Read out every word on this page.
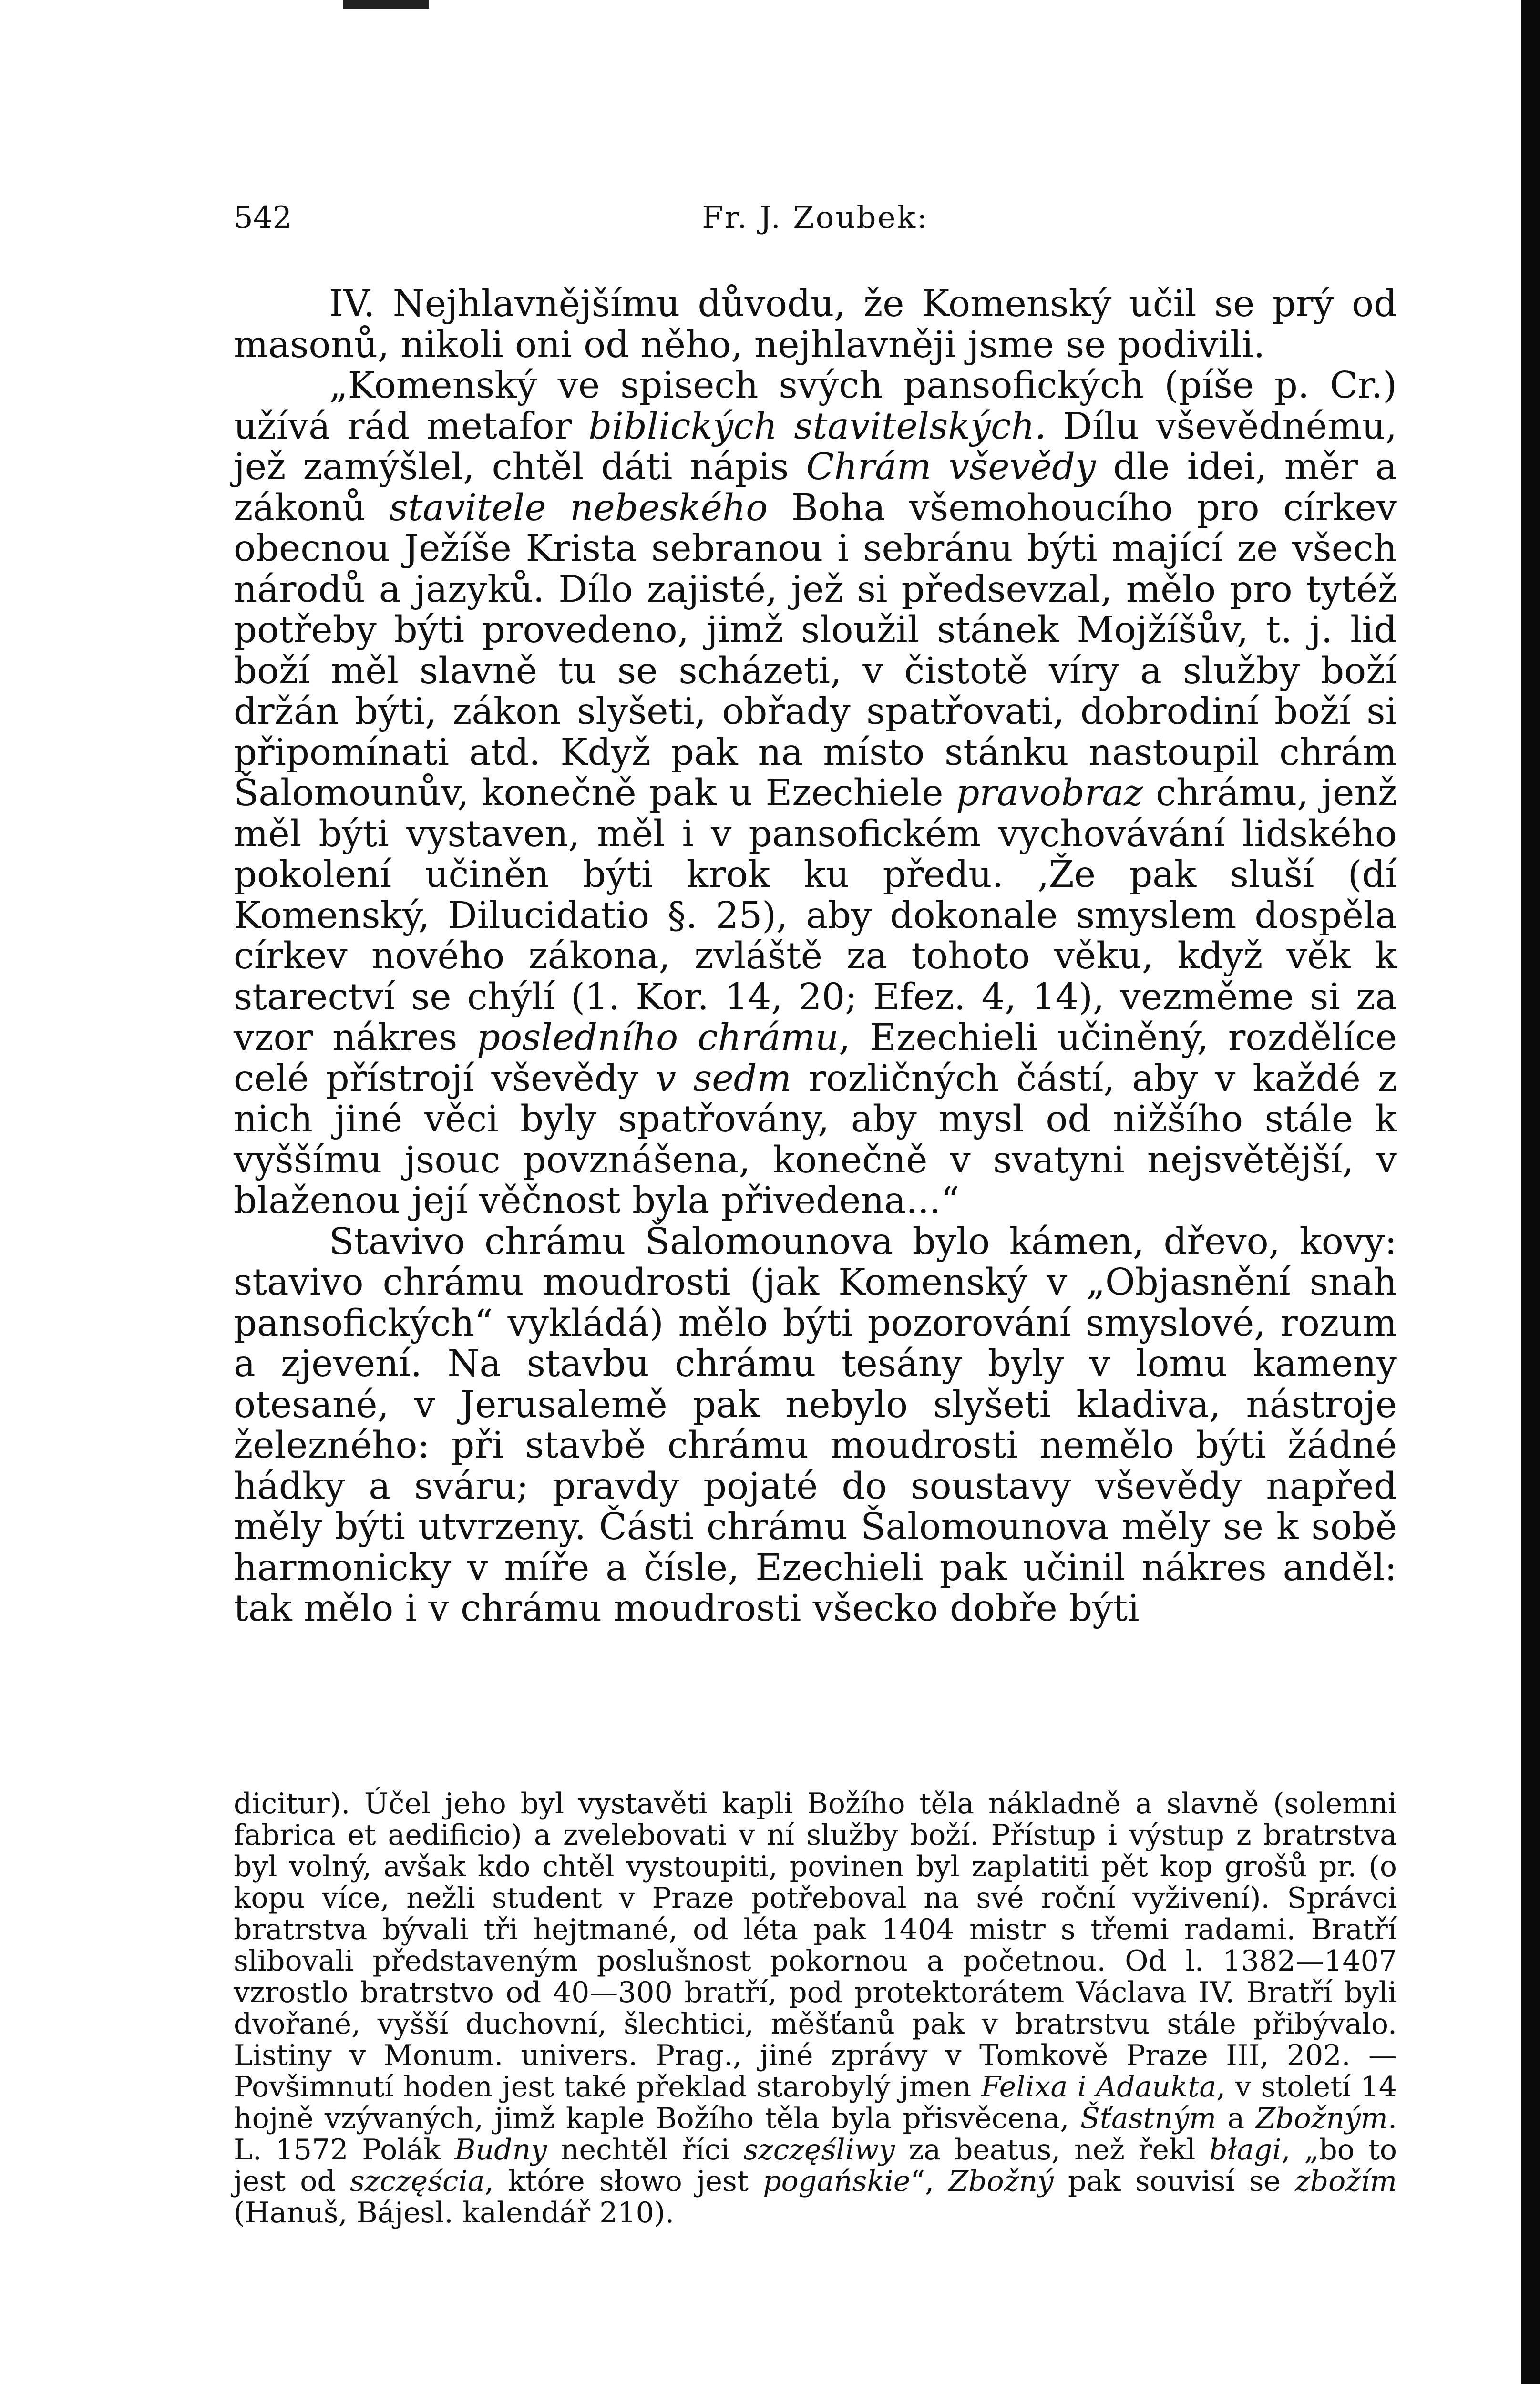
542	Fr. J. Zoubek:

IV. Nejhlavnějšímu důvodu, že Komenský učil se prý od masonů, nikoli oni od něho, nejhlavněji jsme se podivili.

„Komenský ve spisech svých pansofických (píše p. Cr.) užívá rád metafor biblických stavitelských. Dílu vševědnému, jež zamýšlel, chtěl dáti nápis Chrám vševědy dle idei, měr a zákonů stavitele nebeského Boha všemohoucího pro církev obecnou Ježíše Krista sebranou i sebránu býti mající ze všech národů a jazyků. Dílo zajisté, jež si předsevzal, mělo pro tytéž potřeby býti provedeno, jimž sloužil stánek Mojžíšův, t. j. lid boží měl slavně tu se scházeti, v čistotě víry a služby boží držán býti, zákon slyšeti, obřady spatřovati, dobrodiní boží si připomínati atd. Když pak na místo stánku nastoupil chrám Šalomounův, konečně pak u Ezechiele pravobraz chrámu, jenž měl býti vystaven, měl i v pansofickém vychovávání lidského pokolení učiněn býti krok ku předu. ‚Že pak sluší (dí Komenský, Dilucidatio §. 25), aby dokonale smyslem dospěla církev nového zákona, zvláště za tohoto věku, když věk k starectví se chýlí (1. Kor. 14, 20; Efez. 4, 14), vezměme si za vzor nákres posledního chrámu, Ezechieli učiněný, rozdělíce celé přístrojí vševědy v sedm rozličných částí, aby v každé z nich jiné věci byly spatřovány, aby mysl od nižšího stále k vyššímu jsouc povznášena, konečně v svatyni nejsvětější, v blaženou její věčnost byla přivedena...“

Stavivo chrámu Šalomounova bylo kámen, dřevo, kovy: stavivo chrámu moudrosti (jak Komenský v „Objasnění snah pansofických“ vykládá) mělo býti pozorování smyslové, rozum a zjevení. Na stavbu chrámu tesány byly v lomu kameny otesané, v Jerusalemě pak nebylo slyšeti kladiva, nástroje železného: při stavbě chrámu moudrosti nemělo býti žádné hádky a sváru; pravdy pojaté do soustavy vševědy napřed měly býti utvrzeny. Části chrámu Šalomounova měly se k sobě harmonicky v míře a čísle, Ezechieli pak učinil nákres anděl: tak mělo i v chrámu moudrosti všecko dobře býti

dicitur). Účel jeho byl vystavěti kapli Božího těla nákladně a slavně (solemni fabrica et aedificio) a zvelebovati v ní služby boží. Přístup i výstup z bratrstva byl volný, avšak kdo chtěl vystoupiti, povinen byl zaplatiti pět kop grošů pr. (o kopu více, nežli student v Praze potřeboval na své roční vyživení). Správci bratrstva bývali tři hejtmané, od léta pak 1404 mistr s třemi radami. Bratří slibovali představeným poslušnost pokornou a početnou. Od l. 1382—1407 vzrostlo bratrstvo od 40—300 bratří, pod protektorátem Václava IV. Bratří byli dvořané, vyšší duchovní, šlechtici, měšťanů pak v bratrstvu stále přibývalo. Listiny v Monum. univers. Prag., jiné zprávy v Tomkově Praze III, 202. — Povšimnutí hoden jest také překlad starobylý jmen Felixa i Adaukta, v století 14 hojně vzývaných, jimž kaple Božího těla byla přisvěcena, Šťastným a Zbožným. L. 1572 Polák Budny nechtěl říci szczęśliwy za beatus, než řekl błagi, „bo to jest od szczęścia, które słowo jest pogańskie“, Zbožný pak souvisí se zbožím (Hanuš, Bájesl. kalendář 210).
